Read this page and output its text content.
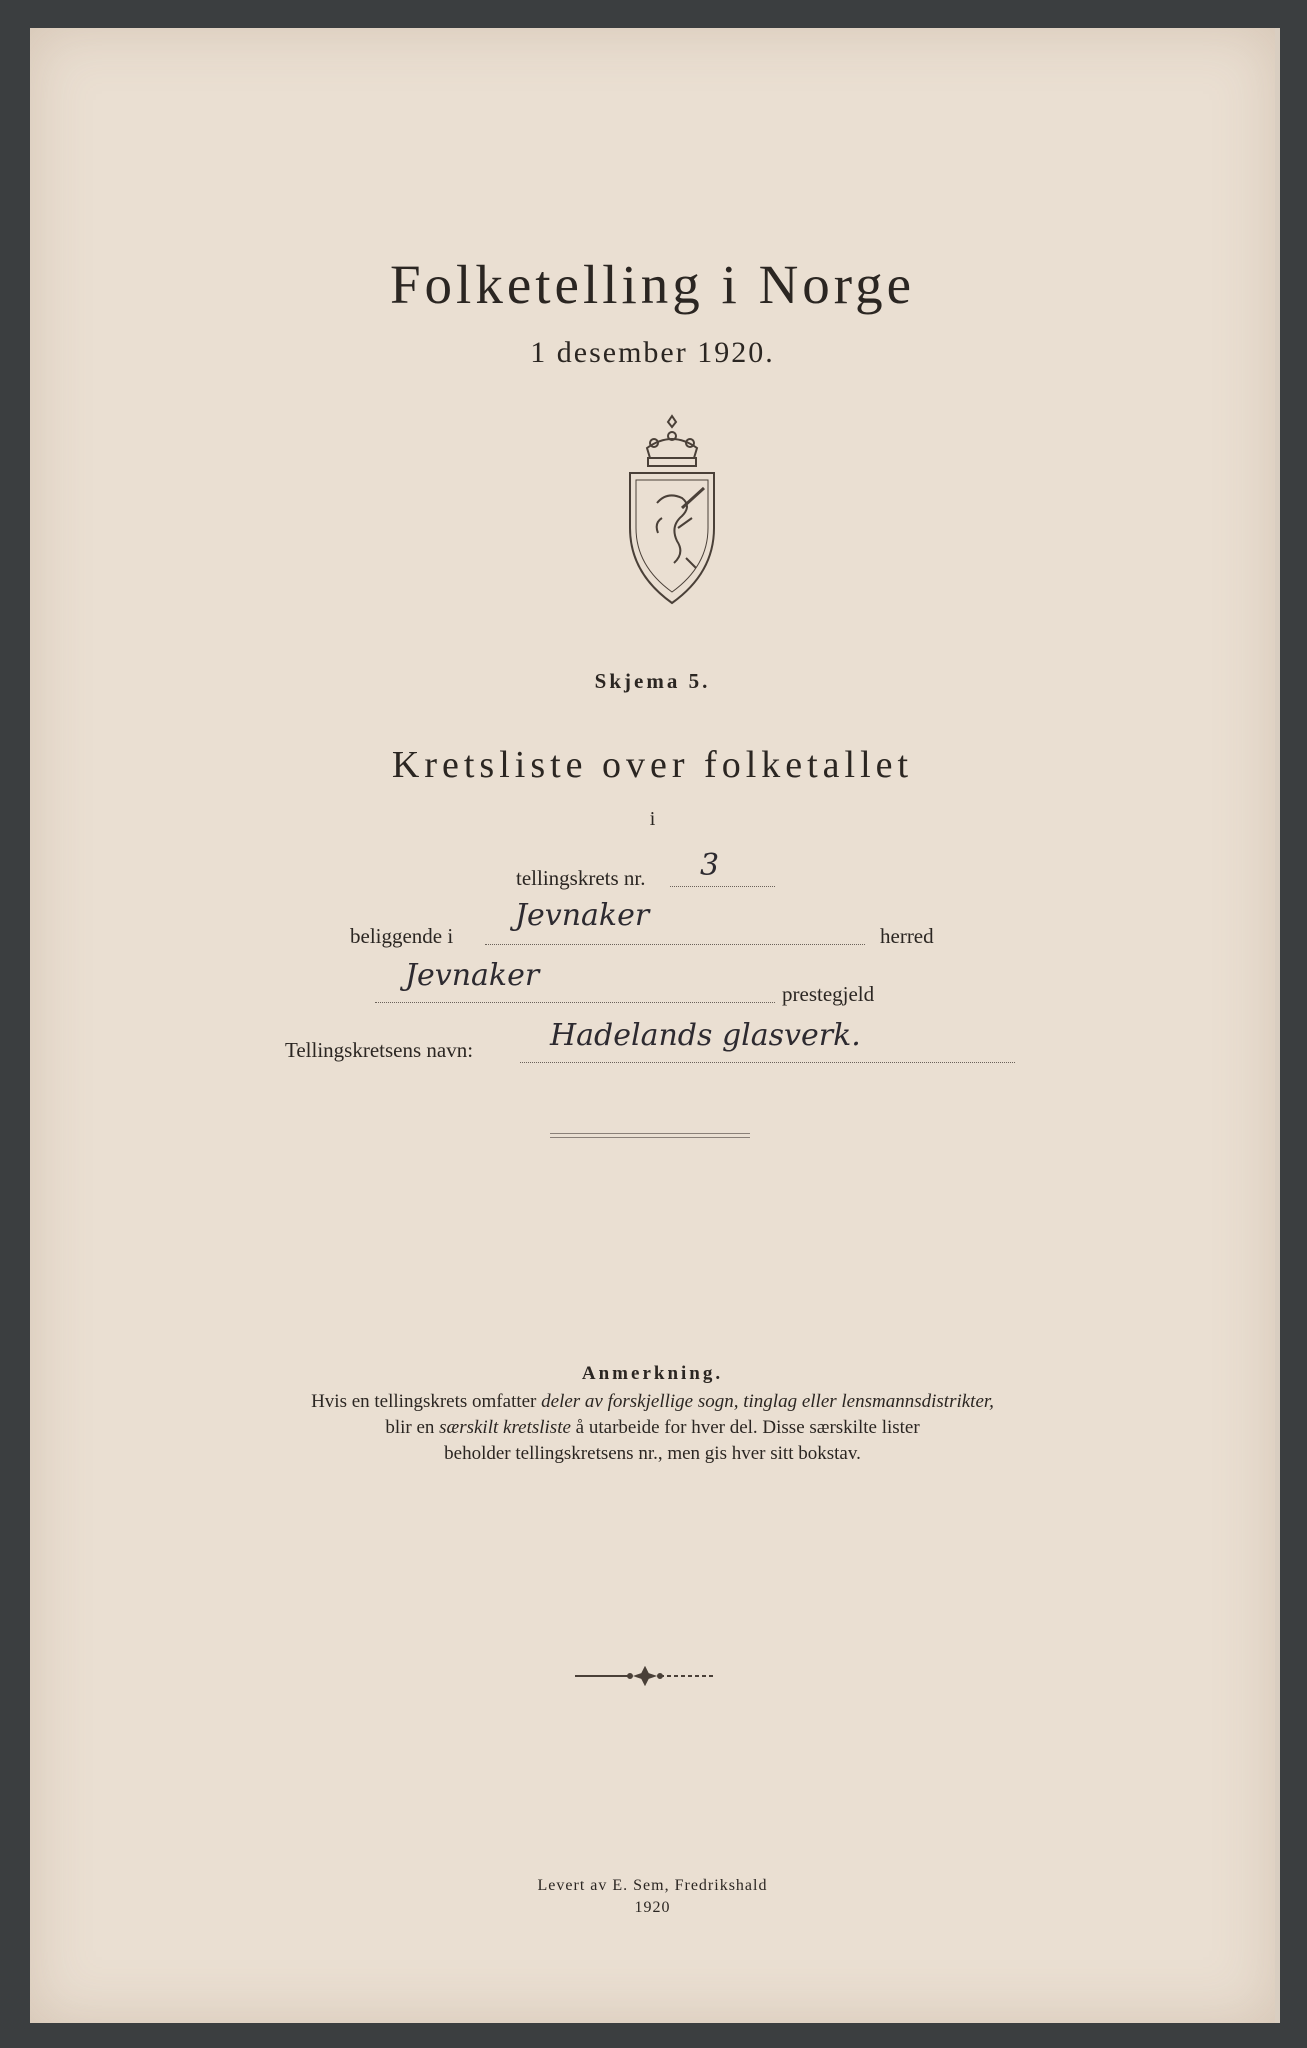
Folketelling i Norge
1 desember 1920.
Skjema 5.
Kretsliste over folketallet
i
tellingskrets nr.	3
beliggende i
Jevnaker
herred
Jevnaker
prestegjeld
Tellingskretsens navn:	Hadelands glasverk.
Anmerkning.
Hvis en tellingskrets omfatter deler av forskjellige sogn, tinglag eller lensmannsdistrikter,
blir en særskilt kretsliste å utarbeide for hver del. Disse særskilte lister
beholder tellingskretsens nr., men gis hver sitt bokstav.
Levert av E. Sem, Fredrikshald
1920
